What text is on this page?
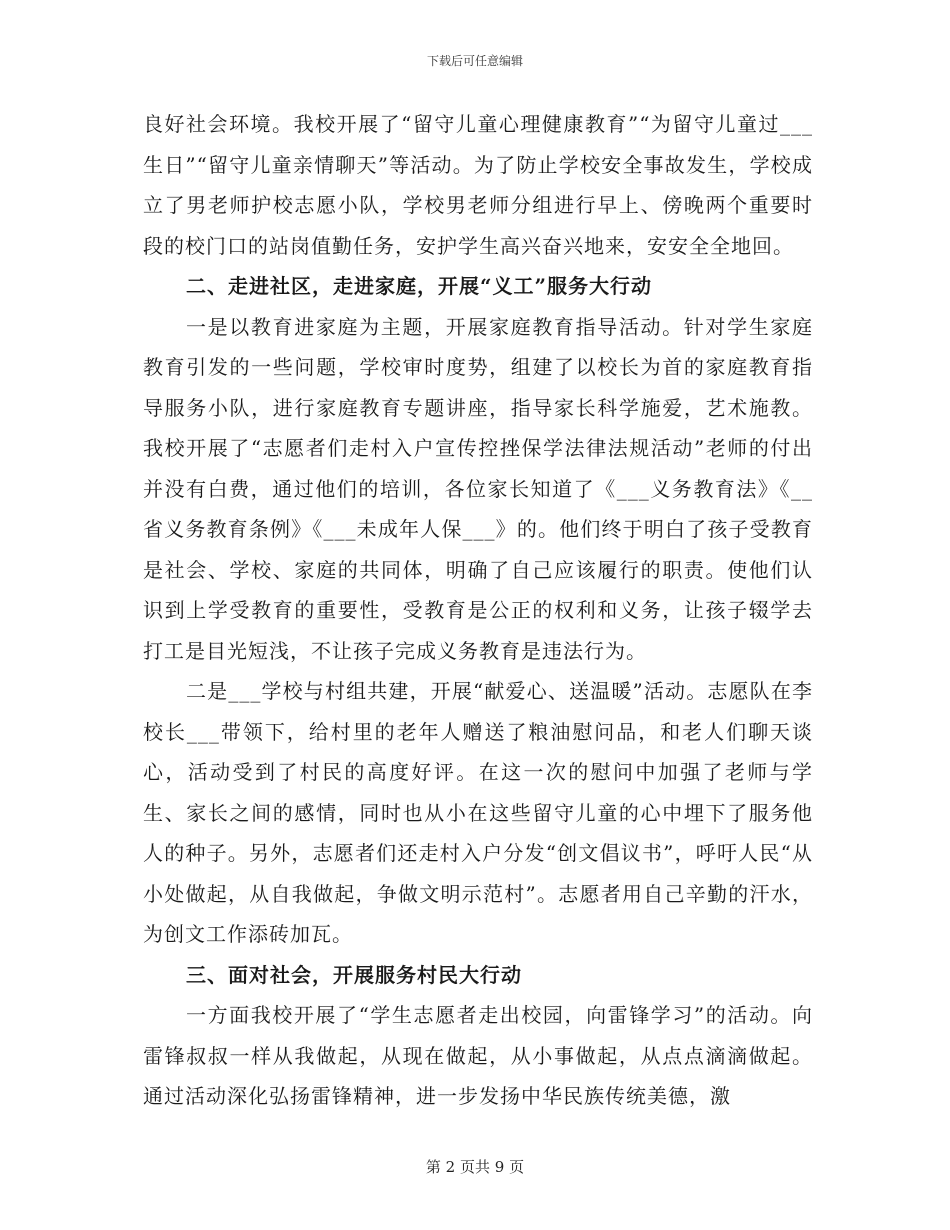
下载后可任意编辑

良好社会环境。我校开展了“留守儿童心理健康教育”“为留守儿童过___生日”“留守儿童亲情聊天”等活动。为了防止学校安全事故发生，学校成立了男老师护校志愿小队，学校男老师分组进行早上、傍晚两个重要时段的校门口的站岗值勤任务，安护学生高兴奋兴地来，安安全全地回。

二、走进社区，走进家庭，开展“义工”服务大行动

一是以教育进家庭为主题，开展家庭教育指导活动。针对学生家庭教育引发的一些问题，学校审时度势，组建了以校长为首的家庭教育指导服务小队，进行家庭教育专题讲座，指导家长科学施爱，艺术施教。我校开展了“志愿者们走村入户宣传控挫保学法律法规活动”老师的付出并没有白费，通过他们的培训，各位家长知道了《___义务教育法》《__省义务教育条例》《___未成年人保___》的。他们终于明白了孩子受教育是社会、学校、家庭的共同体，明确了自己应该履行的职责。使他们认识到上学受教育的重要性，受教育是公正的权利和义务，让孩子辍学去打工是目光短浅，不让孩子完成义务教育是违法行为。

二是___学校与村组共建，开展“献爱心、送温暖”活动。志愿队在李校长___带领下，给村里的老年人赠送了粮油慰问品，和老人们聊天谈心，活动受到了村民的高度好评。在这一次的慰问中加强了老师与学生、家长之间的感情，同时也从小在这些留守儿童的心中埋下了服务他人的种子。另外，志愿者们还走村入户分发“创文倡议书”，呼吁人民“从小处做起，从自我做起，争做文明示范村”。志愿者用自己辛勤的汗水，为创文工作添砖加瓦。

三、面对社会，开展服务村民大行动

一方面我校开展了“学生志愿者走出校园，向雷锋学习”的活动。向雷锋叔叔一样从我做起，从现在做起，从小事做起，从点点滴滴做起。通过活动深化弘扬雷锋精神，进一步发扬中华民族传统美德，激

第 2 页共 9 页
